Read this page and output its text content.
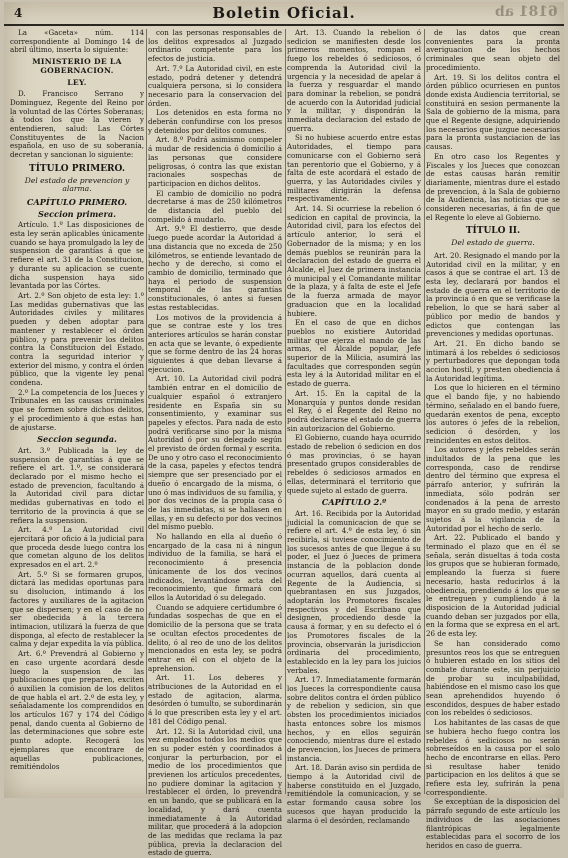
4	Boletin Oficial.	6181 ab

La «Gaceta» núm. 114 correspondiente al Domingo 14 de abril último, inserta lo siguiente:

MINISTERIO DE LA GOBERNACION.

LEY.

D. Francisco Serrano y Dominguez, Regente del Reino por la voluntad de las Córtes Soberanas; á todos los que la vieren y entendieren, salud: Las Córtes Constituyentes de la Nacion española, en uso de su soberanía, decretan y sancionan lo siguiente:

TÍTULO PRIMERO.

Del estado de prevencion y alarma.

CAPÍTULO PRIMERO.

Seccion primera.

Artículo. 1.º Las disposiciones de esta ley serán aplicables únicamente cuando se haya promulgado la ley de suspension de garantías á que se refiere el art. 31 de la Constitucion, y durante su aplicacion se cuente dicha suspension haya sido levantada por las Córtes.

Art. 2.º Son objeto de esta ley: 1.º Las medidas gubernativas que las Autoridades civiles y militares pueden y deben adoptar para mantener y restablecer el órden público, y para prevenir los delitos contra la Constitucion del Estado, contra la seguridad interior y exterior del mismo, y contra el órden público, que la vigente ley penal condena.

2.º La competencia de los Jueces y Tribunales en las causas criminales que se formen sobre dichos delitos, y el procedimiento á que estas han de ajustarse.

Seccion segunda.

Art. 3.º Publicada la ley de suspension de garantías á que se refiere el art. 1.º, se considerará declarado por el mismo hecho el estado de prevencion, facultando á la Autoridad civil para dictar medidas gubernativas en todo el territorio de la provincia á que se refiera la suspension.

Art. 4.º La Autoridad civil ejercitará por oficio á la judicial para que proceda desde luego contra los que cometan alguno de los delitos expresados en el art. 2.º

Art. 5.º Si se formaren grupos, dictará las medidas oportunas para su disolucion, intimando á los factores y auxiliares de la agitacion que se dispersen; y en el caso de no ser obedecida á la tercera intimacion, utilizará la fuerza de que disponga, al efecto de restablecer la calma y dejar expedita la vía pública.

Art. 6.º Prevendrá al Gobierno y en caso urgente acordará desde luego la suspension de las publicaciones que preparen, exciten ó auxilien la comision de los delitos de que habla el art. 2.º de esta ley, y señaladamente los comprendidos en los artículos 167 y 174 del Código penal, dando cuenta al Gobierno de las determinaciones que sobre este punto adopte. Recogerá los ejemplares que encontrare de aquellas publicaciones, remitiéndolos

con las personas responsables de los delitos expresados al Juzgado ordinario competente para los efectos de justicia.

Art. 7.º La Autoridad civil, en este estado, podrá detener y detendrá cualquiera persona, si lo considera necesario para la conservacion del órden.

Los detenidos en esta forma no deberán confundirse con los presos y detenidos por delitos comunes.

Art. 8.º Podrá asimismo compeler á mudar de residencia ó domicilio á las personas que considere peligrosas, ó contra las que existan racionales sospechas de participacion en dichos delitos.

El cambio de domicilio no podrá decretarse á mas de 250 kilómetros de distancia del pueblo del compelido á mudarlo.

Art. 9.º El destierro, que desde luego puede acordar la Autoridad á una distancia que no exceda de 250 kilómetros, se entiende levantado de hecho y de derecho, si como el cambio de domicilio, terminado que haya el periodo de suspension temporal de las garantías constitucionales, ó antes si fuesen estas restablecidas.

Los motivos de la providencia á que se contrae este y los tres anteriores artículos se harán constar en acta que se levante, ó expediente que se forme dentro de las 24 horas siguientes á que deban llevarse á ejecucion.

Art. 10. La Autoridad civil podrá también entrar en el domicilio de cualquier español ó extranjero residente en España sin su consentimiento, y examinar sus papeles y efectos. Para nada de esto podrá verificarse sino por la misma Autoridad ó por su delegado según el previsto de órden formal y escrita. De uno y otro caso el reconocimiento de la casa, papeles y efectos tendrá siempre que ser presenciado por el dueño ó encargado de la misma, ó uno ó mas individuos de su familia, y por dos vecinos de la propia casa ó de las inmediatas, si se hallasen en ellas, y en su defecto por dos vecinos del mismo pueblo.

No hallando en ella al dueño ó encargado de la casa ni á ningun individuo de la familia, se hará el reconocimiento á presencia únicamente de los dos vecinos indicados, levantándose acta del reconocimiento, que firmará con ellos la Autoridad ó su delegado.

Cuando se adquiere certidumbre ó fundadas sospechas de que en el domicilio de la persona que se trata se ocultan efectos procedentes de delito, ó al reo de uno de los delitos mencionados en esta ley, se podrá entrar en él con el objeto de la aprehension.

Art. 11. Los deberes y atribuciones de la Autoridad en el estado de agitacion, alarma, desórden ó tumulto, se subordinarán á lo que prescriben esta ley y el art. 181 del Código penal.

Art. 12. Si la Autoridad civil, una vez empleados todos los medios que en su poder estén y coordinados á conjurar la perturbacion, por el medio de los procedimientos que previenen los artículos precedentes, no pudiere dominar la agitacion y restablecer el órden, lo prevendrá en un bando, que se publicará en la localidad, y dará cuenta inmediatamente á la Autoridad militar, que procederá á la adopcion de las medidas que reclama la paz pública, previa la declaracion del estado de guerra.

Art. 13. Cuando la rebelion ó sedicion se manifiesten desde los primeros momentos, rompan el fuego los rebeldes ó sediciosos, ó comprenda la Autoridad civil la urgencia y la necesidad de apelar á la fuerza y resguardar el mando para dominar la rebelion, se pondrá de acuerdo con la Autoridad judicial y la militar, y dispondrán la inmediata declaracion del estado de guerra.

Si no hubiese acuerdo entre estas Autoridades, el tiempo para comunicarse con el Gobierno será tan perentorio que el Gobierno, y á falta de este acordará el estado de guerra, y las Autoridades civiles y militares dirigirán la defensa respectivamente.

Art. 14. Si ocurriese la rebelion ó sedicion en capital de provincia, la Autoridad civil, para los efectos del artículo anterior, lo será el Gobernador de la misma; y en los demás pueblos se reunirán para la declaracion del estado de guerra el Alcalde, el Juez de primera instancia ó municipal y el Comandante militar de la plaza, y á falta de este el Jefe de la fuerza armada de mayor graduacion que en la localidad hubiere.

En el caso de que en dichos pueblos no existiere Autoridad militar que ejerza el mando de las armas, el Alcalde popular, Jefe superior de la Milicia, asumirá las facultades que corresponden según esta ley á la Autoridad militar en el estado de guerra.

Art. 15. En la capital de la Monarquía y puntos donde residan el Rey, ó el Regente del Reino no podrá declararse el estado de guerra sin autorizacion del Gobierno.

El Gobierno, cuando haya ocurrido estado de rebelion ó sedicion en dos ó mas provincias, ó se hayan presentado grupos considerables de rebeldes ó sediciosos armados en ellas, determinará el territorio que quede sujeto al estado de guerra.

CAPÍTULO 2.º

Art. 16. Recibida por la Autoridad judicial la comunicacion de que se refiere el art. 4.º de esta ley, ó sin recibirla, si tuviese conocimiento de los sucesos antes de que llegue á su poder, el Juez ó Jueces de primera instancia de la poblacion donde ocurran aquellos, dará cuenta al Regente de la Audiencia, si quebrantasen en sus Juzgados, adoptarán los Promotores fiscales respectivos y del Escribano que designen, procediendo desde la causa á formar, y en su defecto el ó los Promotores fiscales de la provincia, observarán la jurisdiccion ordinaria del procedimiento, establecido en la ley para los juicios verbales.

Art. 17. Inmediatamente formarán los Jueces la correspondiente causa sobre delitos contra el órden público y de rebelion y sedicion, sin que obsten los procedimientos iniciados hasta entonces sobre los mismos hechos, y en ellos seguirán conociendo, mientras dure el estado de prevencion, los Jueces de primera instancia.

Art. 18. Darán aviso sin perdida de tiempo á la Autoridad civil de haberse constituido en el Juzgado, remitiéndole la comunicacion, y se estar formando causa sobre los sucesos que hayan producido la alarma ó el desórden, reclamando

de las datos que crean convenientes para la pronta averiguacion de los hechos criminales que sean objeto del procedimiento.

Art. 19. Si los delitos contra el órden público ocurriesen en puntos donde exista Audiencia territorial, se constituirá en sesion permanente la Sala de gobierno de la misma, para que el Regente designe, adquiriendo los necesarios que juzgue necesarios para la pronta sustanciacion de las causas.

En otro caso los Regentes y Fiscales y los Jueces que conozcan de estas causas harán remitir diariamente, mientras dure el estado de prevencion, á la Sala de gobierno de la Audiencia, las noticias que se consideren necesarias, á fin de que el Regente lo eleve al Gobierno.

TÍTULO II.

Del estado de guerra.

Art. 20. Resignado el mando por la Autoridad civil en la militar, y en casos á que se contrae el art. 13 de esta ley, declarará por bandos el estado de guerra en el territorio de la provincia ó en que se verificase la rebelion, lo que se hará saber al público por medio de bandos y edictos que contengan las prevenciones y medidas oportunas.

Art. 21. En dicho bando se intimará á los rebeldes ó sediciosos y perturbadores que depongan toda accion hostil, y presten obediencia á la Autoridad legítima.

Los que lo hicieren en el término que el bando fije, y no habiendo término, señalado en el bando fuere, quedarán exentos de pena, excepto los autores ó jefes de la rebelion, sedicion ó desórden, y los reincidentes en estos delitos.

Los autores y jefes rebeldes serán indultados de la pena que les corresponda, caso de rendirse dentro del término que expresa el párrafo anterior, y sufrirán la inmediata, sólo podrán ser condenados á la pena de arresto mayor en su grado medio, y estarán sujetos á la vigilancia de la Autoridad por el hecho de serlo.

Art. 22. Publicado el bando y terminado el plazo que en él se señala, serán disueltas á toda costa los grupos que se hubieran formado, empleando la fuerza si fuere necesario, hasta reducirlos á la obediencia, prendiendo á los que se le entreguen y cumpliendo á la disposicion de la Autoridad judicial cuando deban ser juzgados por ella, en la forma que se expresa en el art. 26 de esta ley.

Se han considerado como presuntos reos los que se entreguen ó hubieren estado en los sitios del combate durante este, sin perjuicio de probar su inculpabilidad, habiéndose en el mismo caso los que sean aprehendidos huyendo ó escondidos, despues de haber estado con los rebeldes ó sediciosos.

Los habitantes de las casas de que se hubiera hecho fuego contra los rebeldes ó sediciosos no serán sobreseídos en la causa por el solo hecho de encontrarse en ellas. Pero si resultase haber tenido participacion en los delitos á que se refiere esta ley, sufrirán la pena correspondiente.

Se exceptúan de la disposicion del párrafo segundo de este artículo los individuos de las asociaciones filantrópicas legalmente establecidas para el socorro de los heridos en caso de guerra.
